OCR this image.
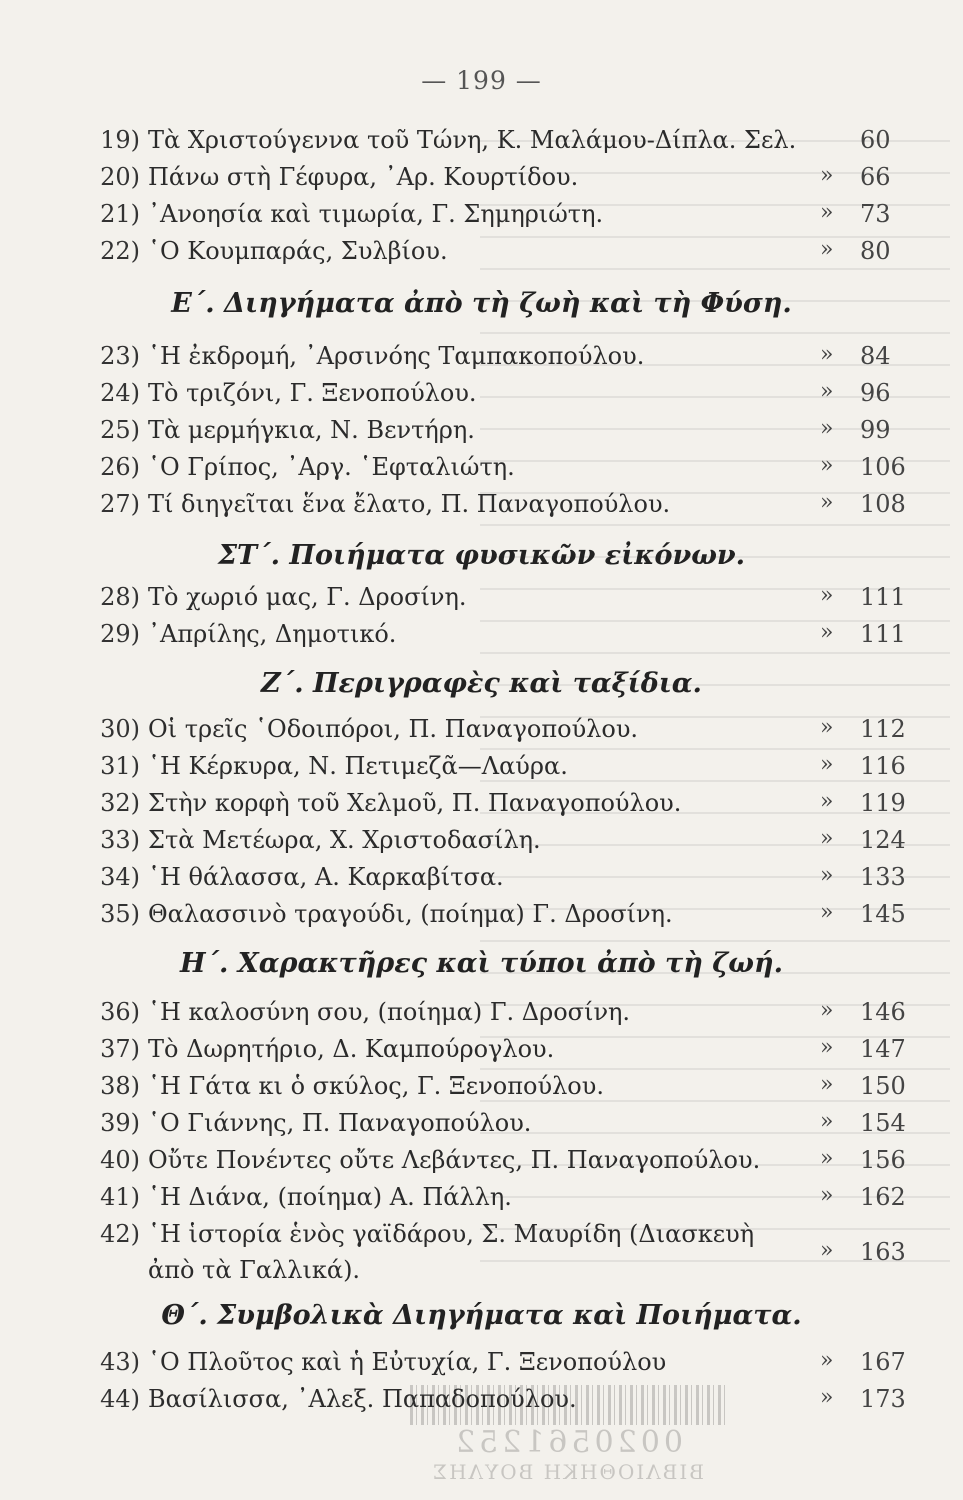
— 199 —
19) Τὰ Χριστούγεννα τοῦ Τώνη, Κ. Μαλάμου-Δίπλα. Σελ.	60
20) Πάνω στὴ Γέφυρα, ᾿Αρ. Κουρτίδου.	» 66
21) ᾿Ανοησία καὶ τιμωρία, Γ. Σημηριώτη.	» 73
22) ῾Ο Κουμπαράς, Συλβίου.	» 80
Ε΄. Διηγήματα ἀπὸ τὴ ζωὴ καὶ τὴ Φύση.
23) ῾Η ἐκδρομή, ᾿Αρσινόης Ταμπακοπούλου.	» 84
24) Τὸ τριζόνι, Γ. Ξενοπούλου.	» 96
25) Τὰ μερμήγκια, Ν. Βεντήρη.	» 99
26) ῾Ο Γρίπος, ᾿Αργ. ῾Εφταλιώτη.	» 106
27) Τί διηγεῖται ἕνα ἔλατο, Π. Παναγοπούλου.	» 108
ΣΤ΄. Ποιήματα φυσικῶν εἰκόνων.
28) Τὸ χωριό μας, Γ. Δροσίνη.	» 111
29) ᾿Απρίλης, Δημοτικό.	» 111
Ζ΄. Περιγραφὲς καὶ ταξίδια.
30) Οἱ τρεῖς ῾Οδοιπόροι, Π. Παναγοπούλου.	» 112
31) ῾Η Κέρκυρα, Ν. Πετιμεζᾶ—Λαύρα.	» 116
32) Στὴν κορφὴ τοῦ Χελμοῦ, Π. Παναγοπούλου.	» 119
33) Στὰ Μετέωρα, Χ. Χριστοδασίλη.	» 124
34) ῾Η θάλασσα, Α. Καρκαβίτσα.	» 133
35) Θαλασσινὸ τραγούδι, (ποίημα) Γ. Δροσίνη.	» 145
Η΄. Χαρακτῆρες καὶ τύποι ἀπὸ τὴ ζωή.
36) ῾Η καλοσύνη σου, (ποίημα) Γ. Δροσίνη.	» 146
37) Τὸ Δωρητήριο, Δ. Καμπούρογλου.	» 147
38) ῾Η Γάτα κι ὁ σκύλος, Γ. Ξενοπούλου.	» 150
39) ῾Ο Γιάννης, Π. Παναγοπούλου.	» 154
40) Οὔτε Πονέντες οὔτε Λεβάντες, Π. Παναγοπούλου.	» 156
41) ῾Η Διάνα, (ποίημα) Α. Πάλλη.	» 162
42) ῾Η ἱστορία ἑνὸς γαϊδάρου, Σ. Μαυρίδη (Διασκευὴ
ἀπὸ τὰ Γαλλικά).
» 163
Θ΄. Συμβολικὰ Διηγήματα καὶ Ποιήματα.
43) ῾Ο Πλοῦτος καὶ ἡ Εὐτυχία, Γ. Ξενοπούλου	» 167
44) Βασίλισσα, ᾿Αλεξ. Παπαδοπούλου.	» 173
0020561252
ΒΙΒΛΙΟΘΗΚΗ ΒΟΥΛΗΣ
